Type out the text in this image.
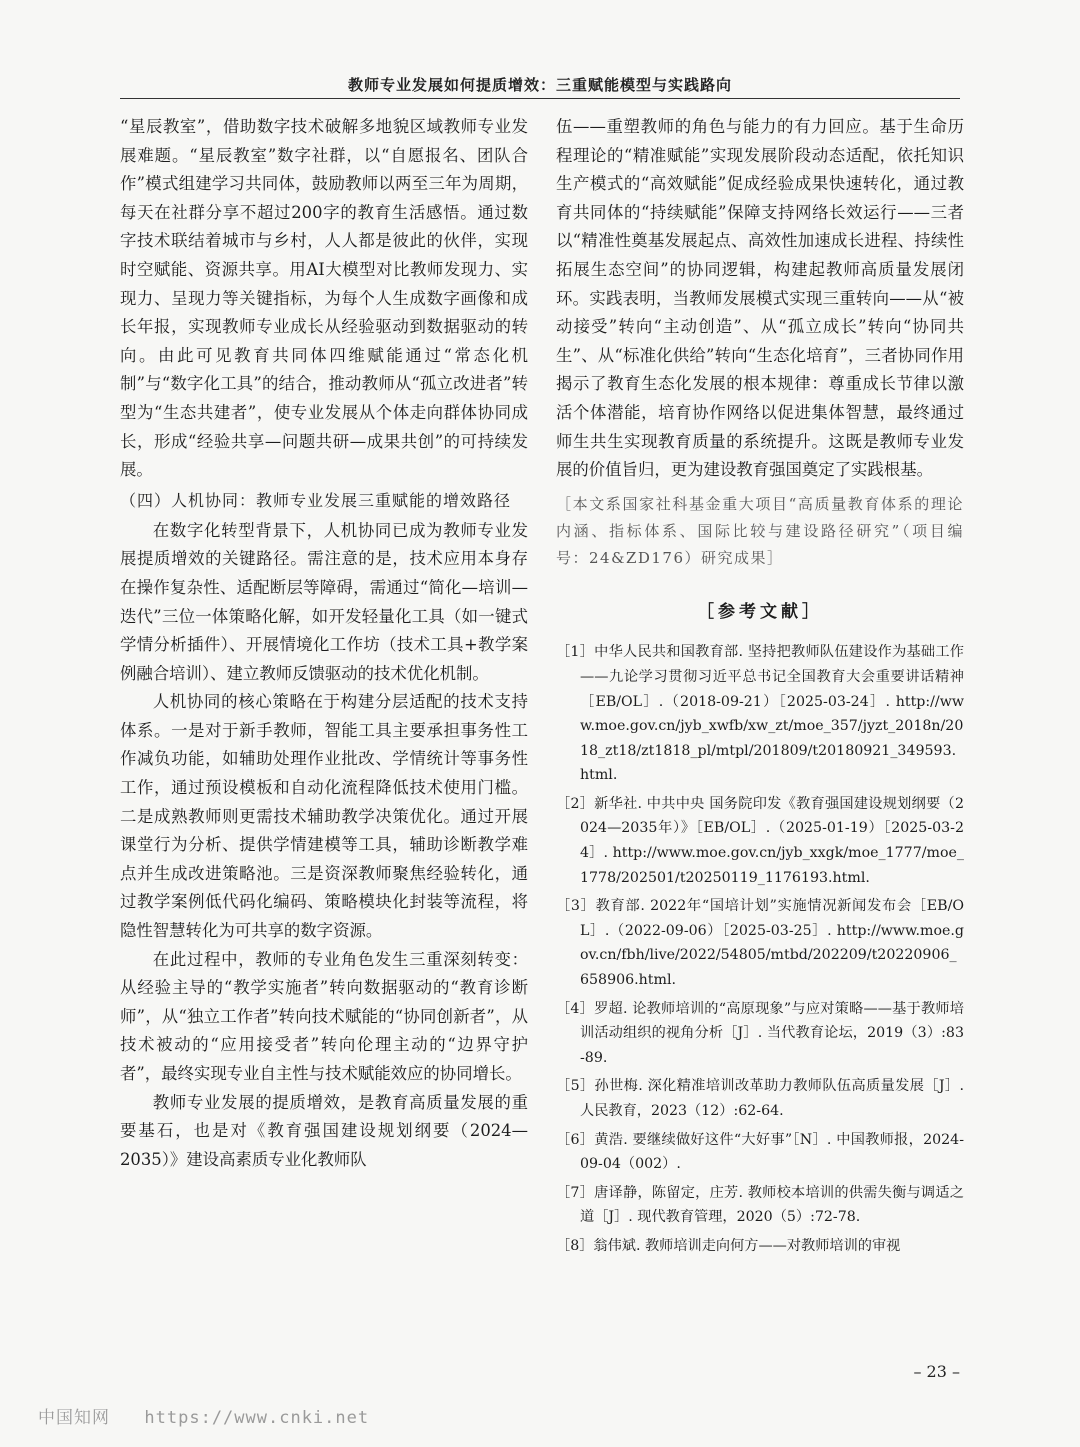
教师专业发展如何提质增效：三重赋能模型与实践路向

“星辰教室”，借助数字技术破解多地貌区域教师专业发展难题。“星辰教室”数字社群，以“自愿报名、团队合作”模式组建学习共同体，鼓励教师以两至三年为周期，每天在社群分享不超过200字的教育生活感悟。通过数字技术联结着城市与乡村，人人都是彼此的伙伴，实现时空赋能、资源共享。用AI大模型对比教师发现力、实现力、呈现力等关键指标，为每个人生成数字画像和成长年报，实现教师专业成长从经验驱动到数据驱动的转向。由此可见教育共同体四维赋能通过“常态化机制”与“数字化工具”的结合，推动教师从“孤立改进者”转型为“生态共建者”，使专业发展从个体走向群体协同成长，形成“经验共享—问题共研—成果共创”的可持续发展。

（四）人机协同：教师专业发展三重赋能的增效路径

在数字化转型背景下，人机协同已成为教师专业发展提质增效的关键路径。需注意的是，技术应用本身存在操作复杂性、适配断层等障碍，需通过“简化—培训—迭代”三位一体策略化解，如开发轻量化工具（如一键式学情分析插件）、开展情境化工作坊（技术工具+教学案例融合培训）、建立教师反馈驱动的技术优化机制。

人机协同的核心策略在于构建分层适配的技术支持体系。一是对于新手教师，智能工具主要承担事务性工作减负功能，如辅助处理作业批改、学情统计等事务性工作，通过预设模板和自动化流程降低技术使用门槛。二是成熟教师则更需技术辅助教学决策优化。通过开展课堂行为分析、提供学情建模等工具，辅助诊断教学难点并生成改进策略池。三是资深教师聚焦经验转化，通过教学案例低代码化编码、策略模块化封装等流程，将隐性智慧转化为可共享的数字资源。

在此过程中，教师的专业角色发生三重深刻转变：从经验主导的“教学实施者”转向数据驱动的“教育诊断师”，从“独立工作者”转向技术赋能的“协同创新者”，从技术被动的“应用接受者”转向伦理主动的“边界守护者”，最终实现专业自主性与技术赋能效应的协同增长。

教师专业发展的提质增效，是教育高质量发展的重要基石，也是对《教育强国建设规划纲要（2024—2035）》建设高素质专业化教师队

伍——重塑教师的角色与能力的有力回应。基于生命历程理论的“精准赋能”实现发展阶段动态适配，依托知识生产模式的“高效赋能”促成经验成果快速转化，通过教育共同体的“持续赋能”保障支持网络长效运行——三者以“精准性奠基发展起点、高效性加速成长进程、持续性拓展生态空间”的协同逻辑，构建起教师高质量发展闭环。实践表明，当教师发展模式实现三重转向——从“被动接受”转向“主动创造”、从“孤立成长”转向“协同共生”、从“标准化供给”转向“生态化培育”，三者协同作用揭示了教育生态化发展的根本规律：尊重成长节律以激活个体潜能，培育协作网络以促进集体智慧，最终通过师生共生实现教育质量的系统提升。这既是教师专业发展的价值旨归，更为建设教育强国奠定了实践根基。

［本文系国家社科基金重大项目“高质量教育体系的理论内涵、指标体系、国际比较与建设路径研究”（项目编号：24&ZD176）研究成果］
［参考文献］
［1］中华人民共和国教育部. 坚持把教师队伍建设作为基础工作——九论学习贯彻习近平总书记全国教育大会重要讲话精神［EB/OL］.（2018-09-21）［2025-03-24］. http://www.moe.gov.cn/jyb_xwfb/xw_zt/moe_357/jyzt_2018n/2018_zt18/zt1818_pl/mtpl/201809/t20180921_349593.html.
［2］新华社. 中共中央 国务院印发《教育强国建设规划纲要（2024—2035年）》［EB/OL］.（2025-01-19）［2025-03-24］. http://www.moe.gov.cn/jyb_xxgk/moe_1777/moe_1778/202501/t20250119_1176193.html.
［3］教育部. 2022年“国培计划”实施情况新闻发布会［EB/OL］.（2022-09-06）［2025-03-25］. http://www.moe.gov.cn/fbh/live/2022/54805/mtbd/202209/t20220906_658906.html.
［4］罗超. 论教师培训的“高原现象”与应对策略——基于教师培训活动组织的视角分析［J］. 当代教育论坛，2019（3）:83-89.
［5］孙世梅. 深化精准培训改革助力教师队伍高质量发展［J］. 人民教育，2023（12）:62-64.
［6］黄浩. 要继续做好这件“大好事”［N］. 中国教师报，2024-09-04（002）.
［7］唐译静，陈留定，庄芳. 教师校本培训的供需失衡与调适之道［J］. 现代教育管理，2020（5）:72-78.
［8］翁伟斌. 教师培训走向何方——对教师培训的审视
– 23 –
中国知网 https://www.cnki.net
